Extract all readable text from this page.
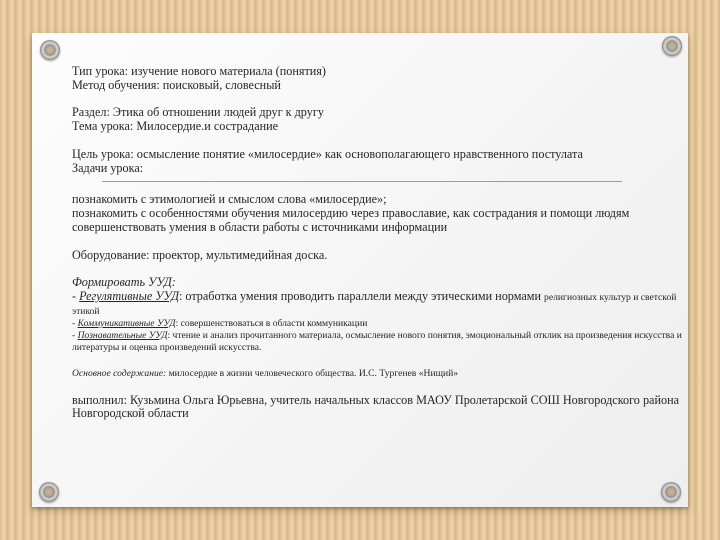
Тип урока: изучение нового материала (понятия)
Метод обучения: поисковый, словесный
Раздел: Этика об отношении людей друг к другу
Тема урока: Милосердие.и сострадание
Цель урока: осмысление понятие «милосердие» как основополагающего нравственного постулата
Задачи урока:
познакомить с этимологией и смыслом слова «милосердие»;
познакомить с особенностями обучения милосердию через православие, как сострадания и помощи людям
совершенствовать умения в области работы с источниками информации
Оборудование: проектор, мультимедийная доска.
Формировать УУД:
- Регулятивные УУД: отработка умения проводить параллели между этическими нормами религиозных культур и светской этикой
- Коммуникативные УУД: совершенствоваться в области коммуникации
- Познавательные УУД: чтение и анализ прочитанного материала, осмысление нового понятия, эмоциональный отклик на произведения искусства и литературы и оценка произведений искусства.
Основное содержание: милосердие в жизни человеческого общества. И.С. Тургенев «Нищий»
выполнил: Кузьмина Ольга Юрьевна, учитель начальных классов МАОУ Пролетарской СОШ Новгородского района Новгородской области
